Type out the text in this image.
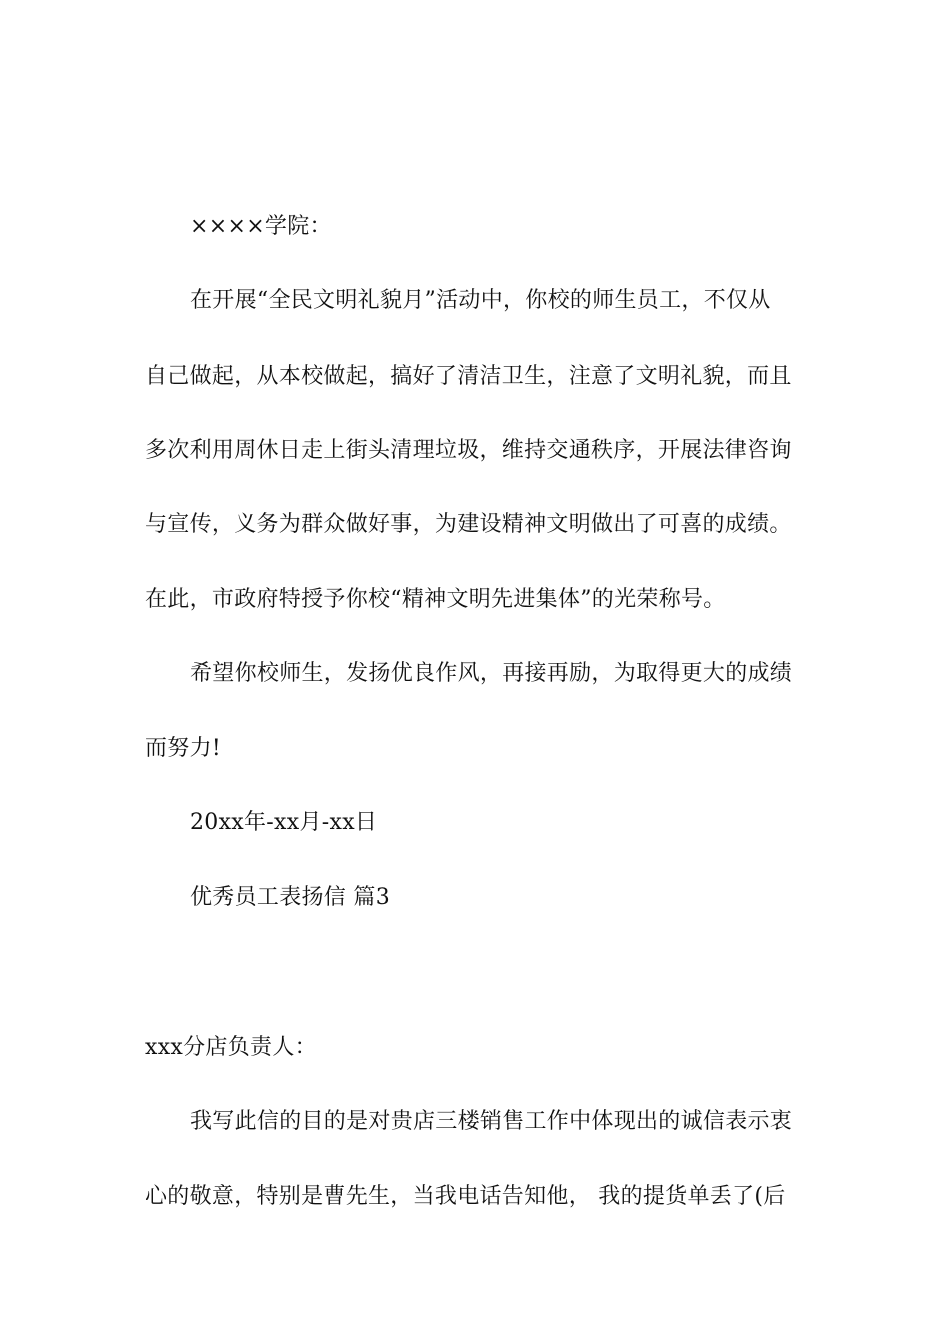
××××学院：
在开展“全民文明礼貌月”活动中，你校的师生员工，不仅从
自己做起，从本校做起，搞好了清洁卫生，注意了文明礼貌，而且
多次利用周休日走上街头清理垃圾，维持交通秩序，开展法律咨询
与宣传，义务为群众做好事，为建设精神文明做出了可喜的成绩。
在此，市政府特授予你校“精神文明先进集体”的光荣称号。
希望你校师生，发扬优良作风，再接再励，为取得更大的成绩
而努力!
20xx年-xx月-xx日
优秀员工表扬信 篇3
xxx分店负责人：
我写此信的目的是对贵店三楼销售工作中体现出的诚信表示衷
心的敬意，特别是曹先生，当我电话告知他， 我的提货单丢了(后
